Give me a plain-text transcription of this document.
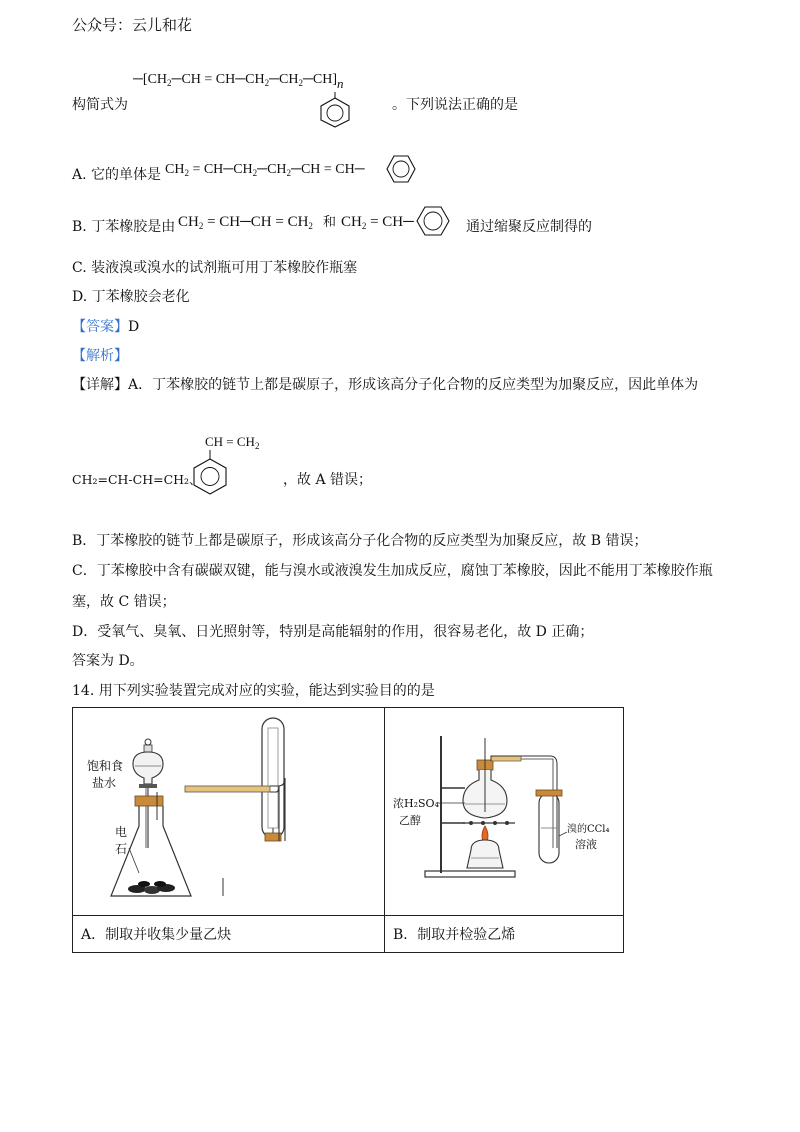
公众号：云儿和花
$─[CH_2─CH$ = $CH─CH_2─CH_2─CH]n$
构简式为	。下列说法正确的是
A. 它的单体是 $CH_2$ = $CH─CH_2─CH_2─CH$ = CH─
B. 丁苯橡胶是由 $CH_2$ = CH─CH = $CH_2$ 和 $CH_2$ = CH─	通过缩聚反应制得的
C. 装液溴或溴水的试剂瓶可用丁苯橡胶作瓶塞
D. 丁苯橡胶会老化
【答案】D
【解析】
【详解】A．丁苯橡胶的链节上都是碳原子，形成该高分子化合物的反应类型为加聚反应，因此单体为
CH = $CH_2$
CH₂=CH-CH=CH₂、	，故 A 错误；
B．丁苯橡胶的链节上都是碳原子，形成该高分子化合物的反应类型为加聚反应，故 B 错误；
C．丁苯橡胶中含有碳碳双键，能与溴水或液溴发生加成反应，腐蚀丁苯橡胶，因此不能用丁苯橡胶作瓶
塞，故 C 错误；
D．受氧气、臭氧、日光照射等，特别是高能辐射的作用，很容易老化，故 D 正确；
答案为 D。
14. 用下列实验装置完成对应的实验，能达到实验目的的是
饱和食
盐水
电
石	浓H₂SO₄
乙醇
溴的CCl₄
溶液

A．制取并收集少量乙炔	B．制取并检验乙烯
